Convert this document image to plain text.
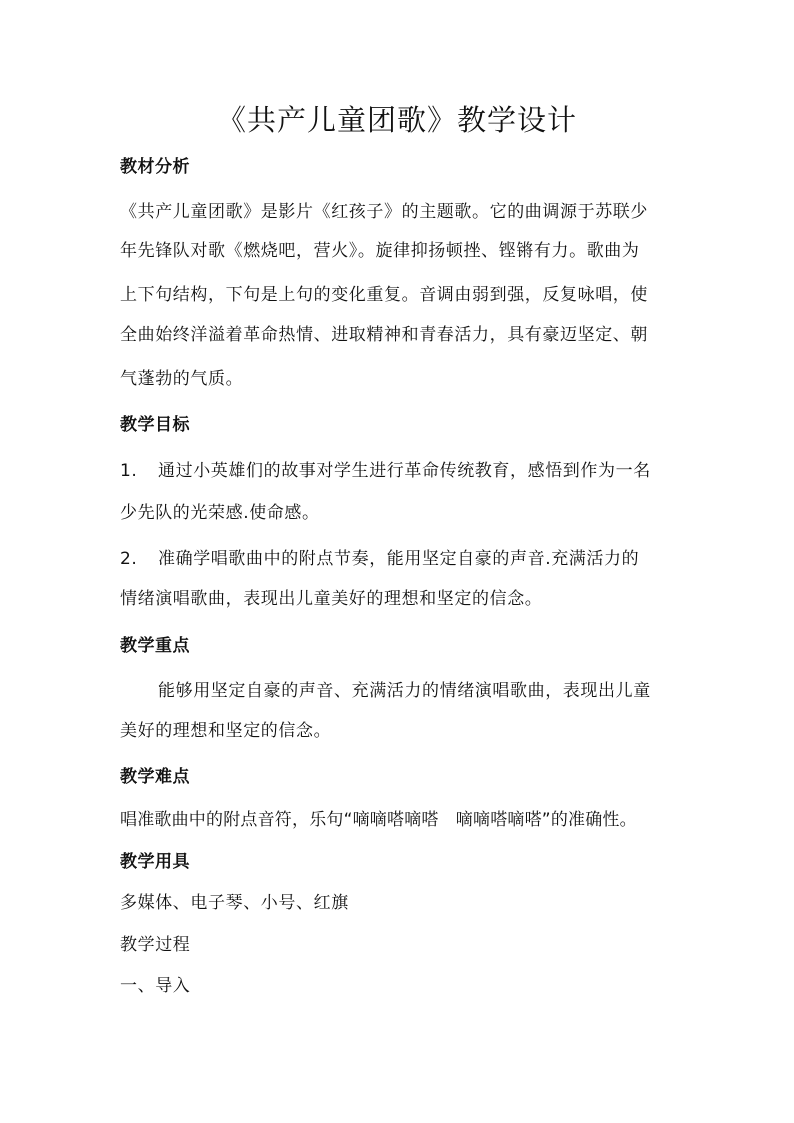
《共产儿童团歌》教学设计
教材分析
《共产儿童团歌》是影片《红孩子》的主题歌。它的曲调源于苏联少
年先锋队对歌《燃烧吧，营火》。旋律抑扬顿挫、铿锵有力。歌曲为
上下句结构，下句是上句的变化重复。音调由弱到强，反复咏唱，使
全曲始终洋溢着革命热情、进取精神和青春活力，具有豪迈坚定、朝
气蓬勃的气质。
教学目标
1. 通过小英雄们的故事对学生进行革命传统教育，感悟到作为一名
少先队的光荣感.使命感。
2. 准确学唱歌曲中的附点节奏，能用坚定自豪的声音.充满活力的
情绪演唱歌曲，表现出儿童美好的理想和坚定的信念。
教学重点
能够用坚定自豪的声音、充满活力的情绪演唱歌曲，表现出儿童
美好的理想和坚定的信念。
教学难点
唱准歌曲中的附点音符，乐句“嘀嘀嗒嘀嗒　嘀嘀嗒嘀嗒”的准确性。
教学用具
多媒体、电子琴、小号、红旗
教学过程
一、导入
